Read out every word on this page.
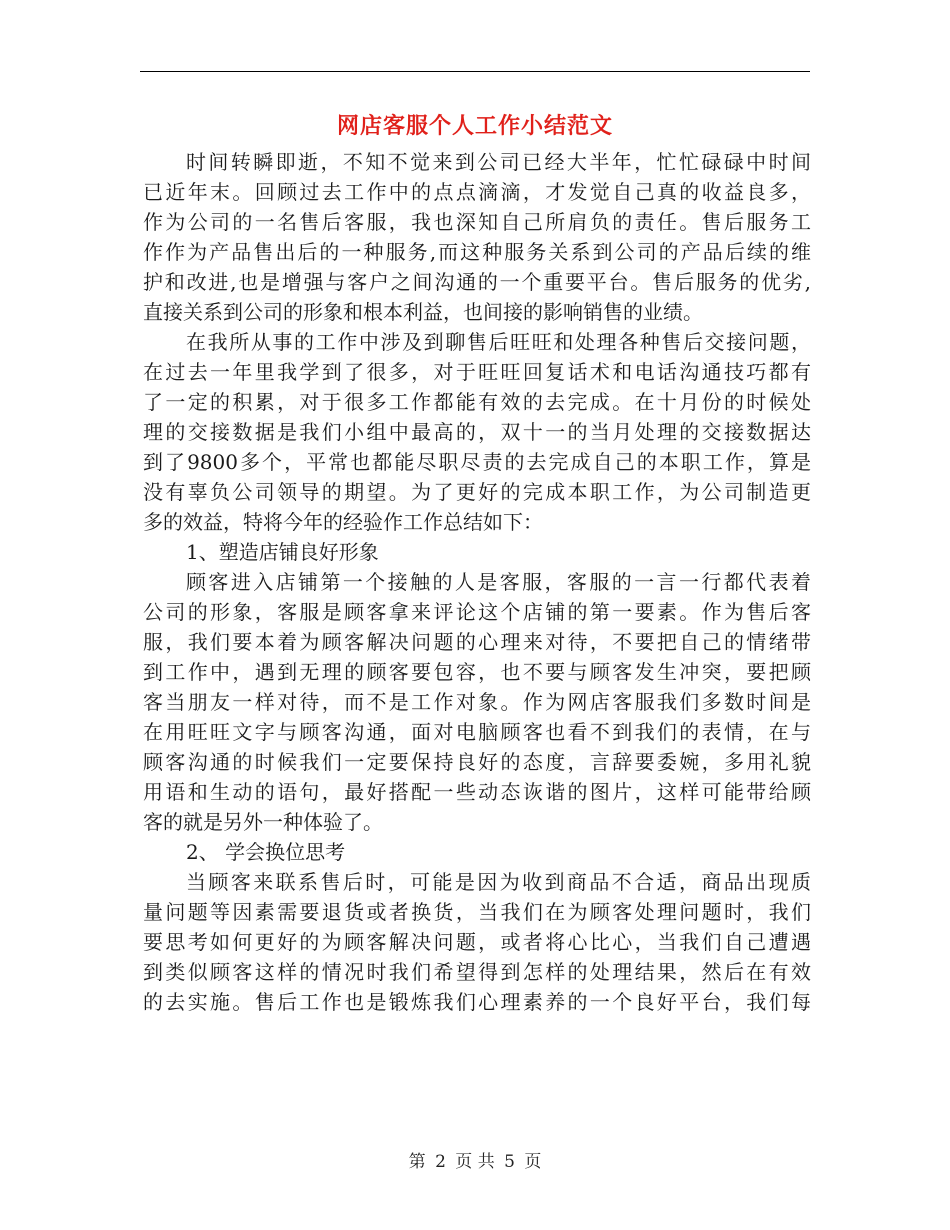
网店客服个人工作小结范文
时间转瞬即逝，不知不觉来到公司已经大半年，忙忙碌碌中时间
已近年末。回顾过去工作中的点点滴滴，才发觉自己真的收益良多，
作为公司的一名售后客服，我也深知自己所肩负的责任。售后服务工
作作为产品售出后的一种服务,而这种服务关系到公司的产品后续的维
护和改进,也是增强与客户之间沟通的一个重要平台。售后服务的优劣,
直接关系到公司的形象和根本利益，也间接的影响销售的业绩。
在我所从事的工作中涉及到聊售后旺旺和处理各种售后交接问题，
在过去一年里我学到了很多，对于旺旺回复话术和电话沟通技巧都有
了一定的积累，对于很多工作都能有效的去完成。在十月份的时候处
理的交接数据是我们小组中最高的，双十一的当月处理的交接数据达
到了9800多个，平常也都能尽职尽责的去完成自己的本职工作，算是
没有辜负公司领导的期望。为了更好的完成本职工作，为公司制造更
多的效益，特将今年的经验作工作总结如下：
1、塑造店铺良好形象
顾客进入店铺第一个接触的人是客服，客服的一言一行都代表着
公司的形象，客服是顾客拿来评论这个店铺的第一要素。作为售后客
服，我们要本着为顾客解决问题的心理来对待，不要把自己的情绪带
到工作中，遇到无理的顾客要包容，也不要与顾客发生冲突，要把顾
客当朋友一样对待，而不是工作对象。作为网店客服我们多数时间是
在用旺旺文字与顾客沟通，面对电脑顾客也看不到我们的表情，在与
顾客沟通的时候我们一定要保持良好的态度，言辞要委婉，多用礼貌
用语和生动的语句，最好搭配一些动态诙谐的图片，这样可能带给顾
客的就是另外一种体验了。
2、 学会换位思考
当顾客来联系售后时，可能是因为收到商品不合适，商品出现质
量问题等因素需要退货或者换货，当我们在为顾客处理问题时，我们
要思考如何更好的为顾客解决问题，或者将心比心，当我们自己遭遇
到类似顾客这样的情况时我们希望得到怎样的处理结果，然后在有效
的去实施。售后工作也是锻炼我们心理素养的一个良好平台，我们每
第 2 页 共 5 页
